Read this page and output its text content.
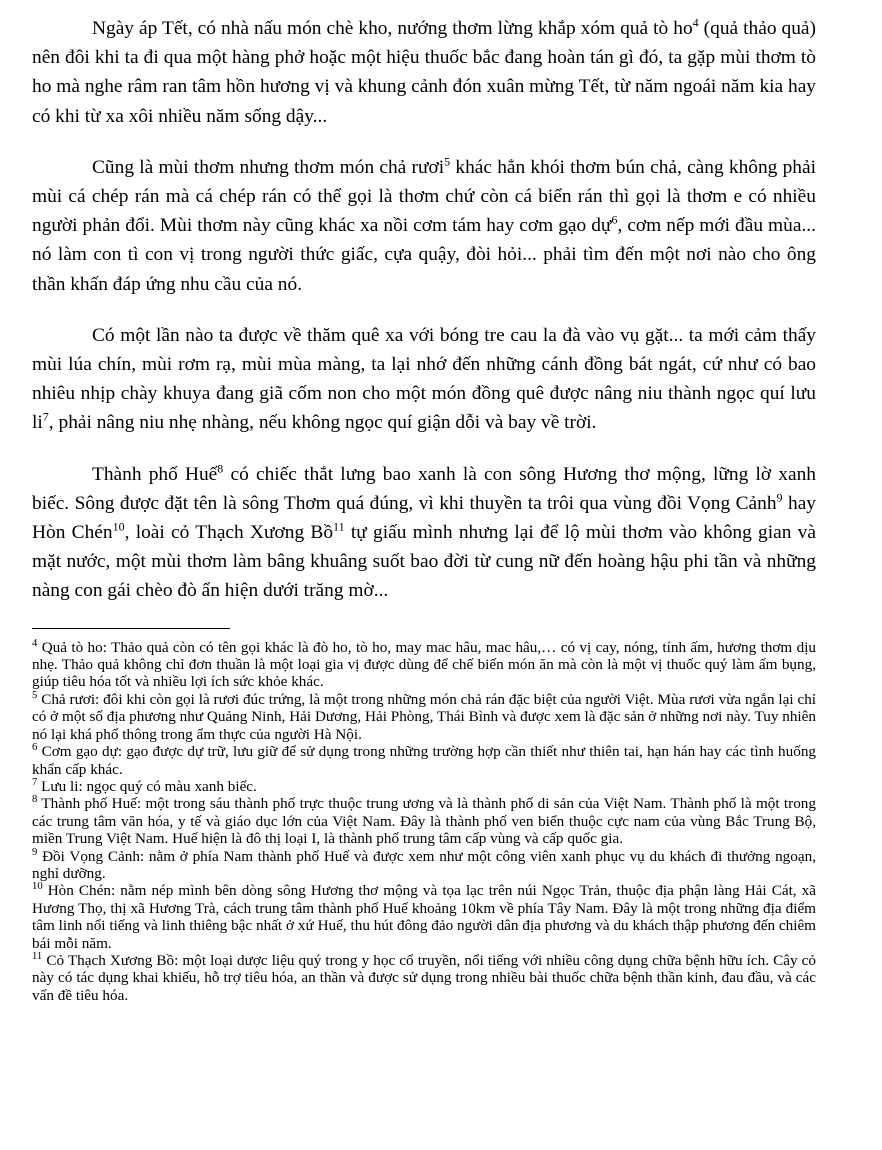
Ngày áp Tết, có nhà nấu món chè kho, nướng thơm lừng khắp xóm quả tò $ho^4$ (quả thảo quả) nên đôi khi ta đi qua một hàng phở hoặc một hiệu thuốc bắc đang hoàn tán gì đó, ta gặp mùi thơm tò ho mà nghe râm ran tâm hồn hương vị và khung cảnh đón xuân mừng Tết, từ năm ngoái năm kia hay có khi từ xa xôi nhiều năm sống dậy...

Cũng là mùi thơm nhưng thơm món chả rươi$^5$ khác hẳn khói thơm bún chả, càng không phải mùi cá chép rán mà cá chép rán có thể gọi là thơm chứ còn cá biển rán thì gọi là thơm e có nhiều người phản đổi. Mùi thơm này cũng khác xa nồi cơm tám hay cơm gạo dự$^6$, cơm nếp mới đầu mùa... nó làm con tì con vị trong người thức giấc, cựa quậy, đòi hỏi... phải tìm đến một nơi nào cho ông thần khấn đáp ứng nhu cầu của nó.

Có một lần nào ta được về thăm quê xa với bóng tre cau la đà vào vụ gặt... ta mới cảm thấy mùi lúa chín, mùi rơm rạ, mùi mùa màng, ta lại nhớ đến những cánh đồng bát ngát, cứ như có bao nhiêu nhịp chày khuya đang giã cốm non cho một món đồng quê được nâng niu thành ngọc quí lưu $li^7$, phải nâng niu nhẹ nhàng, nếu không ngọc quí giận dỗi và bay về trời.

Thành phố Huế$^8$ có chiếc thắt lưng bao xanh là con sông Hương thơ mộng, lững lờ xanh biếc. Sông được đặt tên là sông Thơm quá đúng, vì khi thuyền ta trôi qua vùng đồi Vọng Cảnh$^9$ hay Hòn Chén$^{10}$, loài cỏ Thạch Xương Bồ$^{11}$ tự giấu mình nhưng lại để lộ mùi thơm vào không gian và mặt nước, một mùi thơm làm bâng khuâng suốt bao đời từ cung nữ đến hoàng hậu phi tần và những nàng con gái chèo đò ẩn hiện dưới trăng mờ...

$^4$ Quả tò ho: Thảo quả còn có tên gọi khác là đò ho, tò ho, may mac hâu, mac hâu,… có vị cay, nóng, tính ấm, hương thơm dịu nhẹ. Thảo quả không chỉ đơn thuần là một loại gia vị được dùng để chế biến món ăn mà còn là một vị thuốc quý làm ấm bụng, giúp tiêu hóa tốt và nhiều lợi ích sức khỏe khác.

$^5$ Chả rươi: đôi khi còn gọi là rươi đúc trứng, là một trong những món chả rán đặc biệt của người Việt. Mùa rươi vừa ngắn lại chỉ có ở một số địa phương như Quảng Ninh, Hải Dương, Hải Phòng, Thái Bình và được xem là đặc sản ở những nơi này. Tuy nhiên nó lại khá phổ thông trong ẩm thực của người Hà Nội.

$^6$ Cơm gạo dự: gạo được dự trữ, lưu giữ để sử dụng trong những trường hợp cần thiết như thiên tai, hạn hán hay các tình huống khẩn cấp khác.

$^7$ Lưu li: ngọc quý có màu xanh biếc.

$^8$ Thành phố Huế: một trong sáu thành phố trực thuộc trung ương và là thành phố di sản của Việt Nam. Thành phố là một trong các trung tâm văn hóa, y tế và giáo dục lớn của Việt Nam. Đây là thành phố ven biển thuộc cực nam của vùng Bắc Trung Bộ, miền Trung Việt Nam. Huế hiện là đô thị loại I, là thành phố trung tâm cấp vùng và cấp quốc gia.

$^9$ Đồi Vọng Cảnh: nằm ở phía Nam thành phố Huế và được xem như một công viên xanh phục vụ du khách đi thưởng ngoạn, nghỉ dưỡng.

$^{10}$ Hòn Chén: nằm nép mình bên dòng sông Hương thơ mộng và tọa lạc trên núi Ngọc Trản, thuộc địa phận làng Hải Cát, xã Hương Thọ, thị xã Hương Trà, cách trung tâm thành phố Huế khoảng 10km về phía Tây Nam. Đây là một trong những địa điểm tâm linh nổi tiếng và linh thiêng bậc nhất ở xứ Huế, thu hút đông đảo người dân địa phương và du khách thập phương đến chiêm bái mỗi năm.

$^{11}$ Cỏ Thạch Xương Bồ: một loại dược liệu quý trong y học cổ truyền, nổi tiếng với nhiều công dụng chữa bệnh hữu ích. Cây cỏ này có tác dụng khai khiếu, hỗ trợ tiêu hóa, an thần và được sử dụng trong nhiều bài thuốc chữa bệnh thần kinh, đau đầu, và các vấn đề tiêu hóa.
